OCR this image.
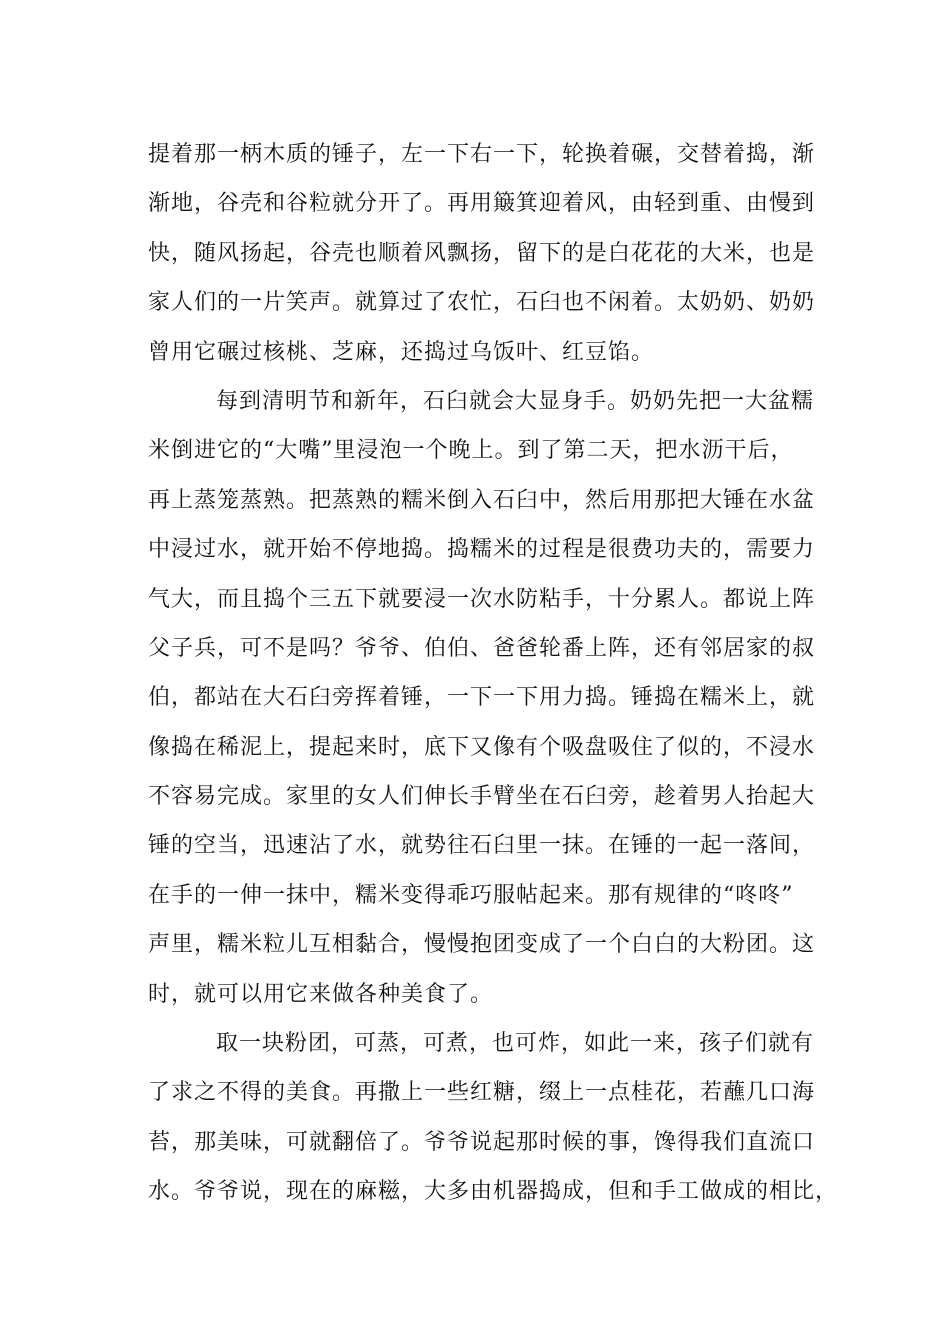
提着那一柄木质的锤子，左一下右一下，轮换着碾，交替着捣，渐
渐地，谷壳和谷粒就分开了。再用簸箕迎着风，由轻到重、由慢到
快，随风扬起，谷壳也顺着风飘扬，留下的是白花花的大米，也是
家人们的一片笑声。就算过了农忙，石臼也不闲着。太奶奶、奶奶
曾用它碾过核桃、芝麻，还捣过乌饭叶、红豆馅。
每到清明节和新年，石臼就会大显身手。奶奶先把一大盆糯
米倒进它的“大嘴”里浸泡一个晚上。到了第二天，把水沥干后，
再上蒸笼蒸熟。把蒸熟的糯米倒入石臼中，然后用那把大锤在水盆
中浸过水，就开始不停地捣。捣糯米的过程是很费功夫的，需要力
气大，而且捣个三五下就要浸一次水防粘手，十分累人。都说上阵
父子兵，可不是吗？爷爷、伯伯、爸爸轮番上阵，还有邻居家的叔
伯，都站在大石臼旁挥着锤，一下一下用力捣。锤捣在糯米上，就
像捣在稀泥上，提起来时，底下又像有个吸盘吸住了似的，不浸水
不容易完成。家里的女人们伸长手臂坐在石臼旁，趁着男人抬起大
锤的空当，迅速沾了水，就势往石臼里一抹。在锤的一起一落间，
在手的一伸一抹中，糯米变得乖巧服帖起来。那有规律的“咚咚”
声里，糯米粒儿互相黏合，慢慢抱团变成了一个白白的大粉团。这
时，就可以用它来做各种美食了。
取一块粉团，可蒸，可煮，也可炸，如此一来，孩子们就有
了求之不得的美食。再撒上一些红糖，缀上一点桂花，若蘸几口海
苔，那美味，可就翻倍了。爷爷说起那时候的事，馋得我们直流口
水。爷爷说，现在的麻糍，大多由机器捣成，但和手工做成的相比，
